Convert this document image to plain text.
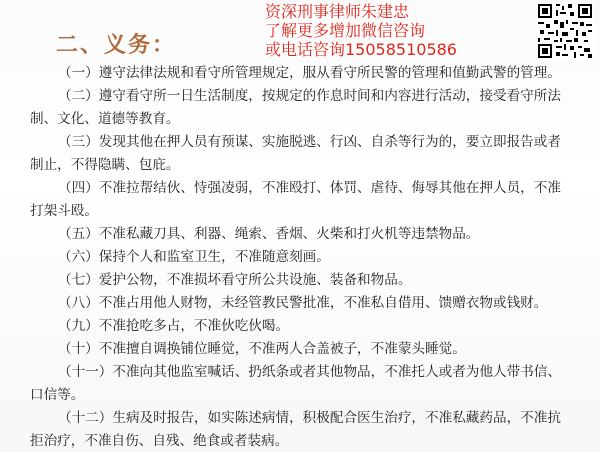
二、义务：
资深刑事律师朱建忠
了解更多增加微信咨询
或电话咨询15058510586

（一）遵守法律法规和看守所管理规定，服从看守所民警的管理和值勤武警的管理。

（二）遵守看守所一日生活制度，按规定的作息时间和内容进行活动，接受看守所法制、文化、道德等教育。

（三）发现其他在押人员有预谋、实施脱逃、行凶、自杀等行为的，要立即报告或者制止，不得隐瞒、包庇。

（四）不准拉帮结伙、恃强凌弱，不准殴打、体罚、虐待、侮辱其他在押人员，不准打架斗殴。

（五）不准私藏刀具、利器、绳索、香烟、火柴和打火机等违禁物品。

（六）保持个人和监室卫生，不准随意刻画。

（七）爱护公物，不准损坏看守所公共设施、装备和物品。

（八）不准占用他人财物，未经管教民警批准，不准私自借用、馈赠衣物或钱财。

（九）不准抢吃多占，不准伙吃伙喝。

（十）不准擅自调换铺位睡觉，不准两人合盖被子，不准蒙头睡觉。

（十一）不准向其他监室喊话、扔纸条或者其他物品，不准托人或者为他人带书信、口信等。

（十二）生病及时报告，如实陈述病情，积极配合医生治疗，不准私藏药品，不准抗拒治疗，不准自伤、自残、绝食或者装病。
